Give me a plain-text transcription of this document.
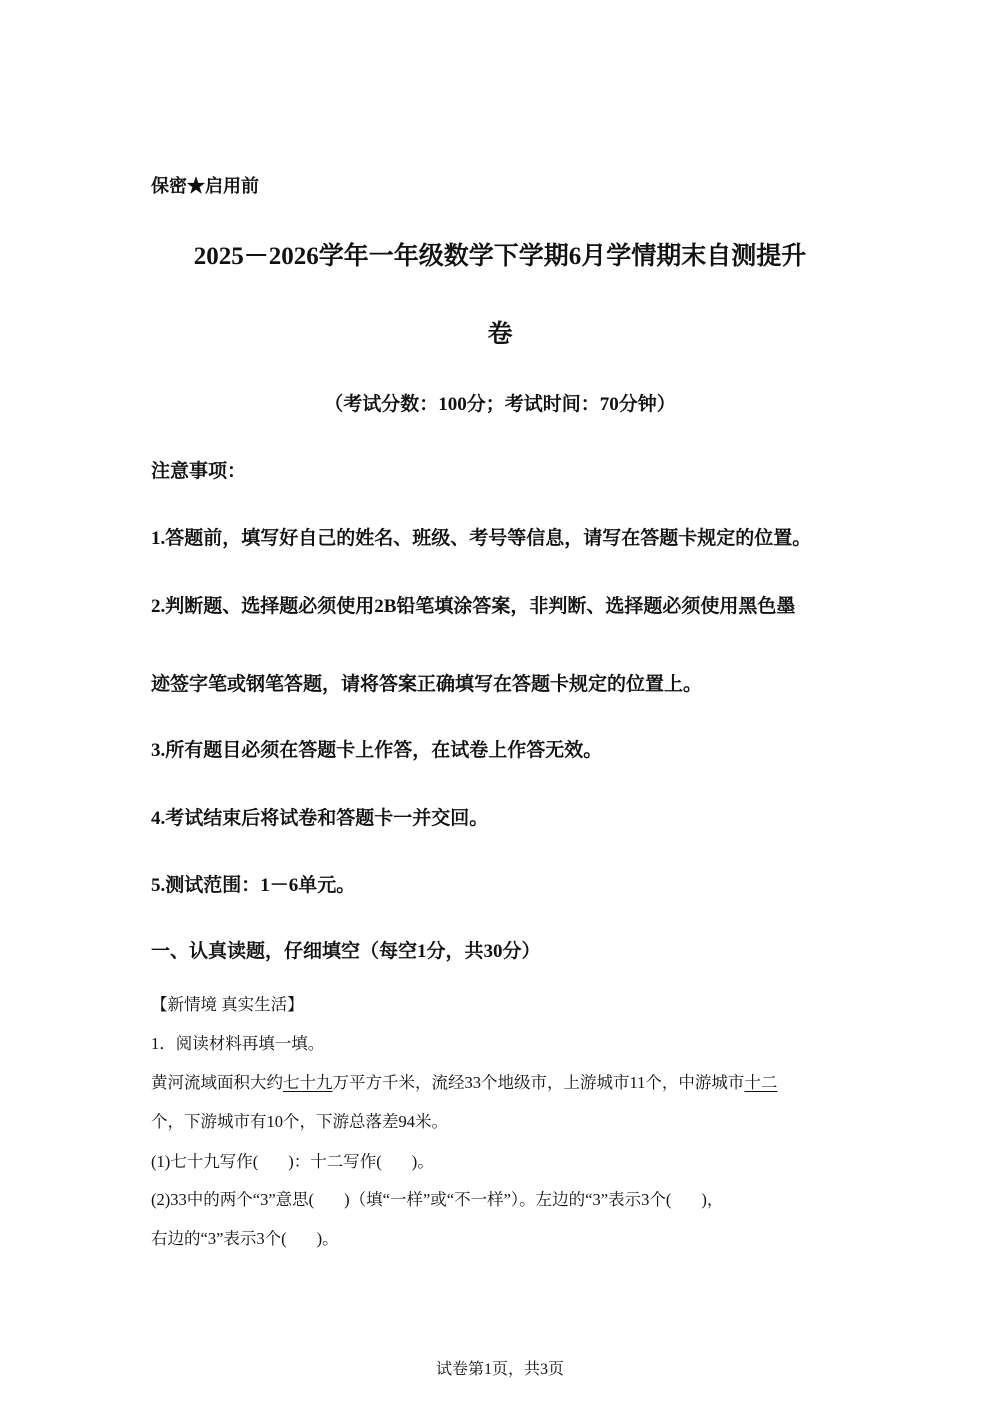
保密★启用前
2025－2026学年一年级数学下学期6月学情期末自测提升
卷
（考试分数：100分；考试时间：70分钟）
注意事项：
1.答题前，填写好自己的姓名、班级、考号等信息，请写在答题卡规定的位置。
2.判断题、选择题必须使用2B铅笔填涂答案，非判断、选择题必须使用黑色墨
迹签字笔或钢笔答题，请将答案正确填写在答题卡规定的位置上。
3.所有题目必须在答题卡上作答，在试卷上作答无效。
4.考试结束后将试卷和答题卡一并交回。
5.测试范围：1－6单元。
一、认真读题，仔细填空（每空1分，共30分）
【新情境 真实生活】
1．阅读材料再填一填。
黄河流域面积大约七十九万平方千米，流经33个地级市，上游城市11个，中游城市十二
个，下游城市有10个，下游总落差94米。
(1)七十九写作( )：十二写作( )。
(2)33中的两个“3”意思( )（填“一样”或“不一样”）。左边的“3”表示3个( )，
右边的“3”表示3个( )。
试卷第1页，共3页
